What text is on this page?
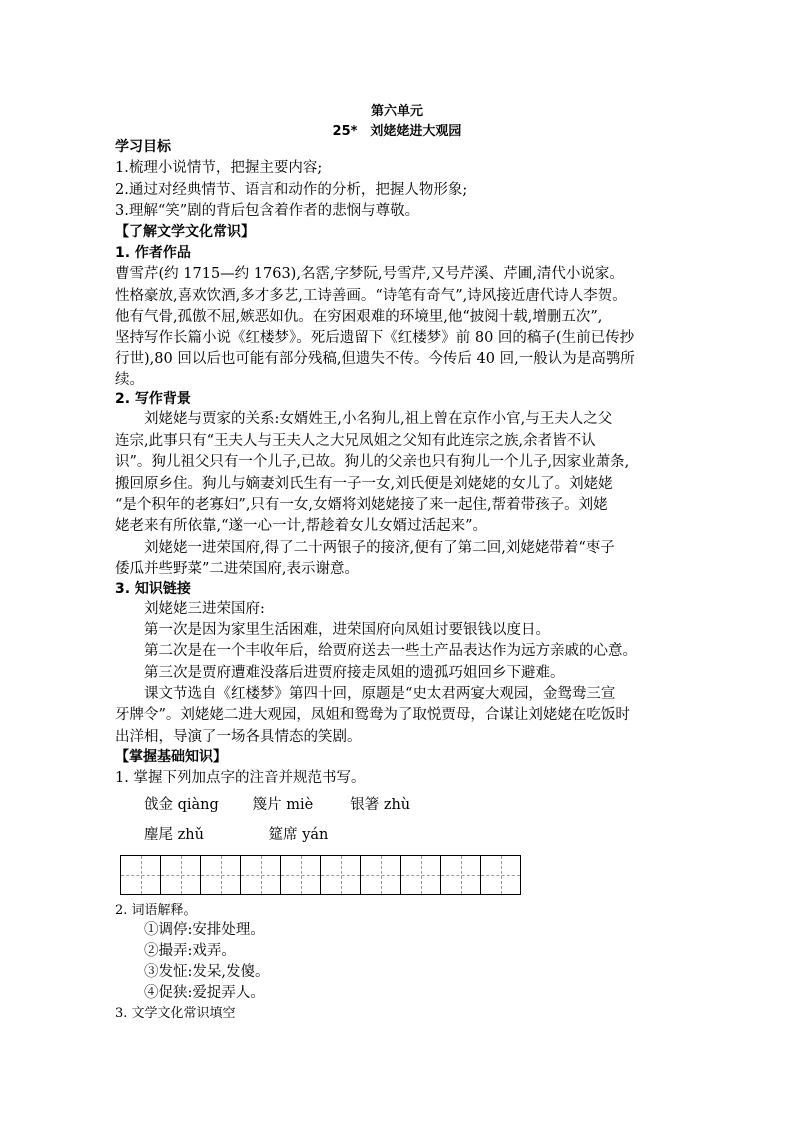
第六单元
25*　刘姥姥进大观园
学习目标
1.梳理小说情节，把握主要内容;
2.通过对经典情节、语言和动作的分析，把握人物形象;
3.理解“笑”剧的背后包含着作者的悲悯与尊敬。
【了解文学文化常识】
1. 作者作品
曹雪芹(约 1715—约 1763),名霑,字梦阮,号雪芹,又号芹溪、芹圃,清代小说家。
性格豪放,喜欢饮酒,多才多艺,工诗善画。“诗笔有奇气”,诗风接近唐代诗人李贺。
他有气骨,孤傲不屈,嫉恶如仇。在穷困艰难的环境里,他“披阅十载,增删五次”,
坚持写作长篇小说《红楼梦》。死后遗留下《红楼梦》前 80 回的稿子(生前已传抄
行世),80 回以后也可能有部分残稿,但遗失不传。今传后 40 回,一般认为是高鹗所
续。
2. 写作背景
刘姥姥与贾家的关系:女婿姓王,小名狗儿,祖上曾在京作小官,与王夫人之父
连宗,此事只有“王夫人与王夫人之大兄凤姐之父知有此连宗之族,余者皆不认
识”。狗儿祖父只有一个儿子,已故。狗儿的父亲也只有狗儿一个儿子,因家业萧条,
搬回原乡住。狗儿与嫡妻刘氏生有一子一女,刘氏便是刘姥姥的女儿了。刘姥姥
“是个积年的老寡妇”,只有一女,女婿将刘姥姥接了来一起住,帮着带孩子。刘姥
姥老来有所依靠,“遂一心一计,帮趁着女儿女婿过活起来”。
刘姥姥一进荣国府,得了二十两银子的接济,便有了第二回,刘姥姥带着“枣子
倭瓜并些野菜”二进荣国府,表示谢意。
3. 知识链接
刘姥姥三进荣国府:
第一次是因为家里生活困难，进荣国府向凤姐讨要银钱以度日。
第二次是在一个丰收年后，给贾府送去一些土产品表达作为远方亲戚的心意。
第三次是贾府遭难没落后进贾府接走凤姐的遗孤巧姐回乡下避难。
课文节选自《红楼梦》第四十回，原题是“史太君两宴大观园，金鸳鸯三宣
牙牌令”。刘姥姥二进大观园，凤姐和鸳鸯为了取悦贾母，合谋让刘姥姥在吃饭时
出洋相，导演了一场各具情态的笑剧。
【掌握基础知识】
1. 掌握下列加点字的注音并规范书写。
戗金 qiàng 篾片 miè	银箸 zhù
麈尾 zhǔ	筵席 yán
2. 词语解释。
①调停:安排处理。
②撮弄:戏弄。
③发怔:发呆,发傻。
④促狭:爱捉弄人。
3. 文学文化常识填空
